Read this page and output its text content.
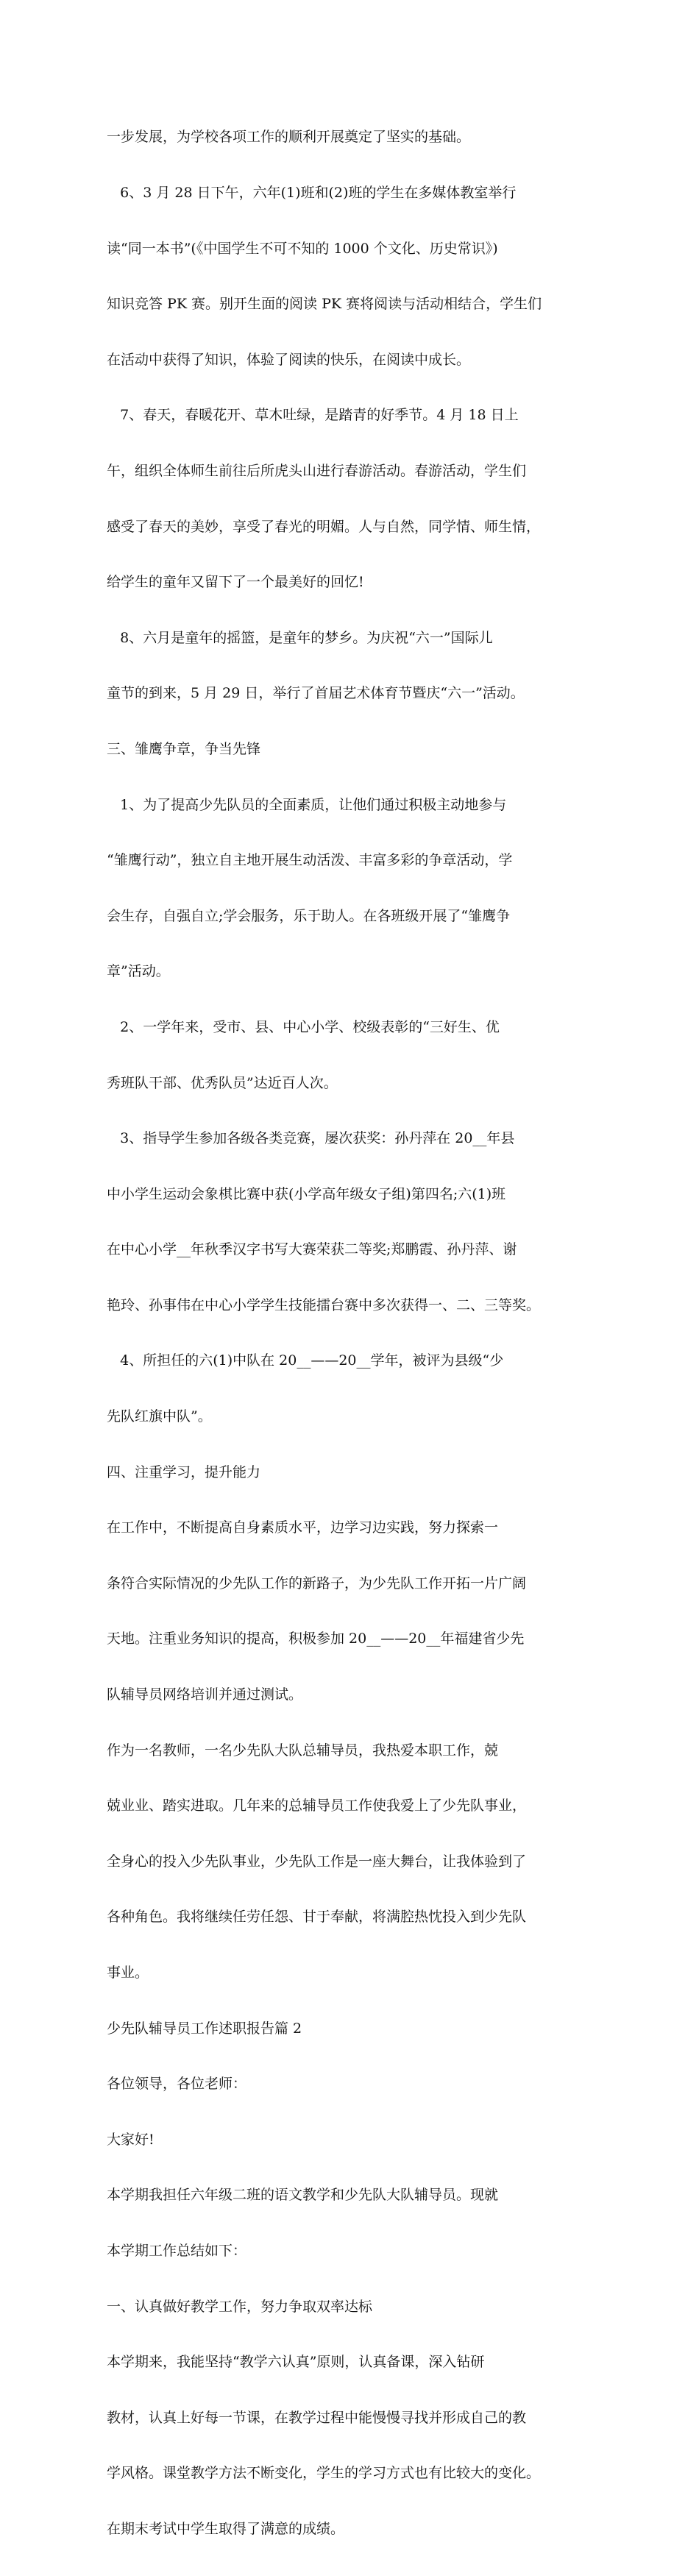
一步发展，为学校各项工作的顺利开展奠定了坚实的基础。

6、3 月 28 日下午，六年(1)班和(2)班的学生在多媒体教室举行

读“同一本书”(《中国学生不可不知的 1000 个文化、历史常识》)

知识竞答 PK 赛。别开生面的阅读 PK 赛将阅读与活动相结合，学生们

在活动中获得了知识，体验了阅读的快乐，在阅读中成长。

7、春天，春暖花开、草木吐绿，是踏青的好季节。4 月 18 日上

午，组织全体师生前往后所虎头山进行春游活动。春游活动，学生们

感受了春天的美妙，享受了春光的明媚。人与自然，同学情、师生情，

给学生的童年又留下了一个最美好的回忆!

8、六月是童年的摇篮，是童年的梦乡。为庆祝“六一”国际儿

童节的到来，5 月 29 日，举行了首届艺术体育节暨庆“六一”活动。

三、雏鹰争章，争当先锋

1、为了提高少先队员的全面素质，让他们通过积极主动地参与

“雏鹰行动”，独立自主地开展生动活泼、丰富多彩的争章活动，学

会生存，自强自立;学会服务，乐于助人。在各班级开展了“雏鹰争

章”活动。

2、一学年来，受市、县、中心小学、校级表彰的“三好生、优

秀班队干部、优秀队员”达近百人次。

3、指导学生参加各级各类竞赛，屡次获奖：孙丹萍在 20__年县

中小学生运动会象棋比赛中获(小学高年级女子组)第四名;六(1)班

在中心小学__年秋季汉字书写大赛荣获二等奖;郑鹏霞、孙丹萍、谢

艳玲、孙事伟在中心小学学生技能擂台赛中多次获得一、二、三等奖。

4、所担任的六(1)中队在 20__——20__学年，被评为县级“少

先队红旗中队”。

四、注重学习，提升能力

在工作中，不断提高自身素质水平，边学习边实践，努力探索一

条符合实际情况的少先队工作的新路子，为少先队工作开拓一片广阔

天地。注重业务知识的提高，积极参加 20__——20__年福建省少先

队辅导员网络培训并通过测试。

作为一名教师，一名少先队大队总辅导员，我热爱本职工作，兢

兢业业、踏实进取。几年来的总辅导员工作使我爱上了少先队事业，

全身心的投入少先队事业，少先队工作是一座大舞台，让我体验到了

各种角色。我将继续任劳任怨、甘于奉献，将满腔热忱投入到少先队

事业。

少先队辅导员工作述职报告篇 2

各位领导，各位老师：

大家好!

本学期我担任六年级二班的语文教学和少先队大队辅导员。现就

本学期工作总结如下：

一、认真做好教学工作，努力争取双率达标

本学期来，我能坚持“教学六认真”原则，认真备课，深入钻研

教材，认真上好每一节课，在教学过程中能慢慢寻找并形成自己的教

学风格。课堂教学方法不断变化，学生的学习方式也有比较大的变化。

在期末考试中学生取得了满意的成绩。
